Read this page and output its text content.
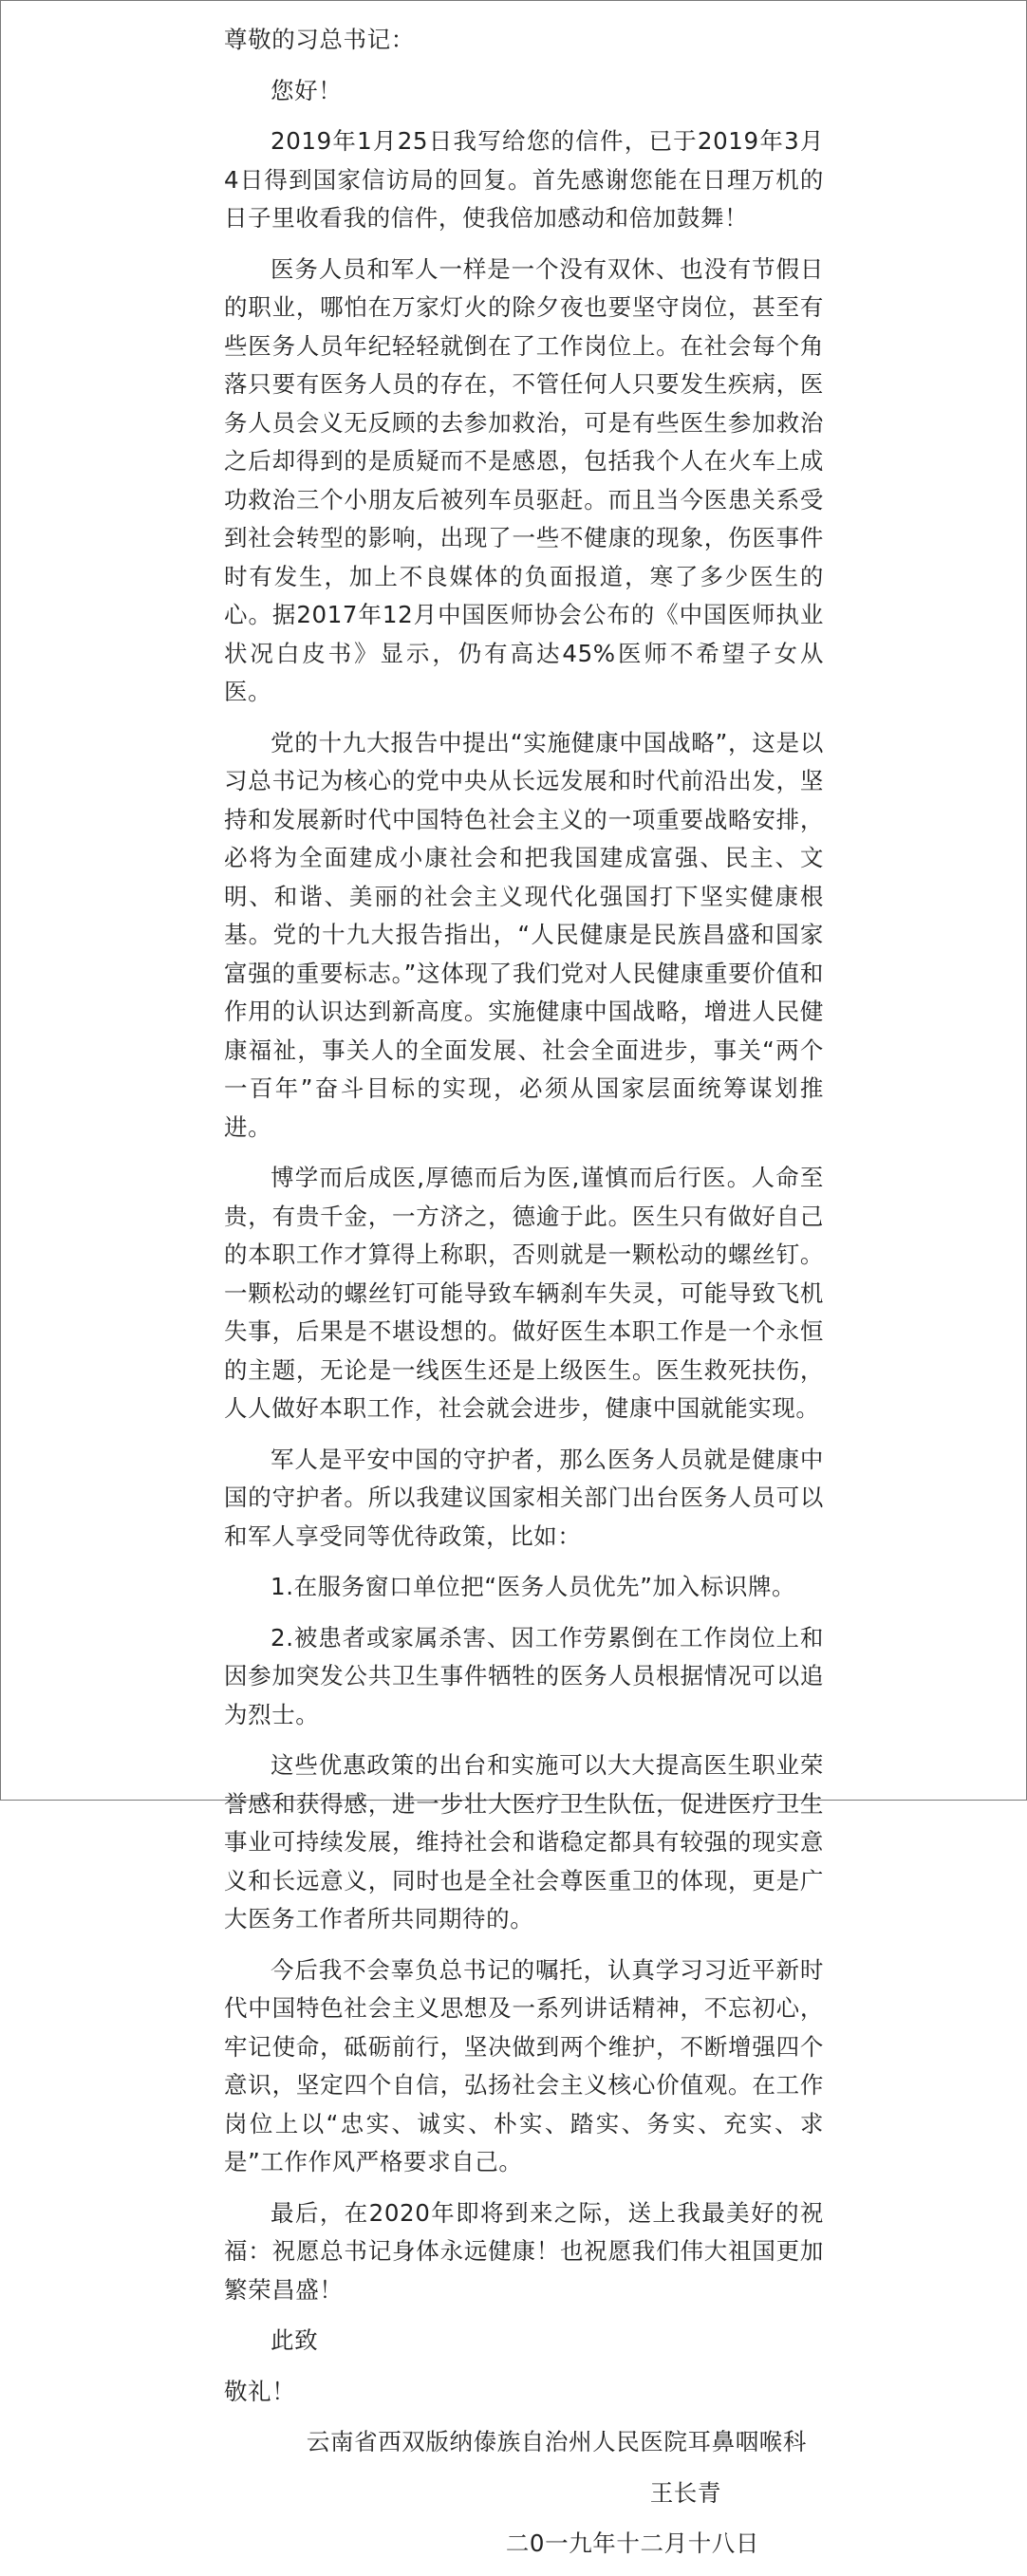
尊敬的习总书记：

您好！

2019年1月25日我写给您的信件，已于2019年3月4日得到国家信访局的回复。首先感谢您能在日理万机的日子里收看我的信件，使我倍加感动和倍加鼓舞！

医务人员和军人一样是一个没有双休、也没有节假日的职业，哪怕在万家灯火的除夕夜也要坚守岗位，甚至有些医务人员年纪轻轻就倒在了工作岗位上。在社会每个角落只要有医务人员的存在，不管任何人只要发生疾病，医务人员会义无反顾的去参加救治，可是有些医生参加救治之后却得到的是质疑而不是感恩，包括我个人在火车上成功救治三个小朋友后被列车员驱赶。而且当今医患关系受到社会转型的影响，出现了一些不健康的现象，伤医事件时有发生，加上不良媒体的负面报道，寒了多少医生的心。据2017年12月中国医师协会公布的《中国医师执业状况白皮书》显示，仍有高达45%医师不希望子女从医。

党的十九大报告中提出“实施健康中国战略”，这是以习总书记为核心的党中央从长远发展和时代前沿出发，坚持和发展新时代中国特色社会主义的一项重要战略安排，必将为全面建成小康社会和把我国建成富强、民主、文明、和谐、美丽的社会主义现代化强国打下坚实健康根基。党的十九大报告指出，“人民健康是民族昌盛和国家富强的重要标志。”这体现了我们党对人民健康重要价值和作用的认识达到新高度。实施健康中国战略，增进人民健康福祉，事关人的全面发展、社会全面进步，事关“两个一百年”奋斗目标的实现，必须从国家层面统筹谋划推进。

博学而后成医,厚德而后为医,谨慎而后行医。人命至贵，有贵千金，一方济之，德逾于此。医生只有做好自己的本职工作才算得上称职，否则就是一颗松动的螺丝钉。一颗松动的螺丝钉可能导致车辆刹车失灵，可能导致飞机失事，后果是不堪设想的。做好医生本职工作是一个永恒的主题，无论是一线医生还是上级医生。医生救死扶伤，人人做好本职工作，社会就会进步，健康中国就能实现。

军人是平安中国的守护者，那么医务人员就是健康中国的守护者。所以我建议国家相关部门出台医务人员可以和军人享受同等优待政策，比如：

1.在服务窗口单位把“医务人员优先”加入标识牌。

2.被患者或家属杀害、因工作劳累倒在工作岗位上和因参加突发公共卫生事件牺牲的医务人员根据情况可以追为烈士。

这些优惠政策的出台和实施可以大大提高医生职业荣誉感和获得感，进一步壮大医疗卫生队伍，促进医疗卫生事业可持续发展，维持社会和谐稳定都具有较强的现实意义和长远意义，同时也是全社会尊医重卫的体现，更是广大医务工作者所共同期待的。

今后我不会辜负总书记的嘱托，认真学习习近平新时代中国特色社会主义思想及一系列讲话精神，不忘初心，牢记使命，砥砺前行，坚决做到两个维护，不断增强四个意识，坚定四个自信，弘扬社会主义核心价值观。在工作岗位上以“忠实、诚实、朴实、踏实、务实、充实、求是”工作作风严格要求自己。

最后，在2020年即将到来之际，送上我最美好的祝福：祝愿总书记身体永远健康！也祝愿我们伟大祖国更加繁荣昌盛！

此致

敬礼！

云南省西双版纳傣族自治州人民医院耳鼻咽喉科

王长青

二0一九年十二月十八日
